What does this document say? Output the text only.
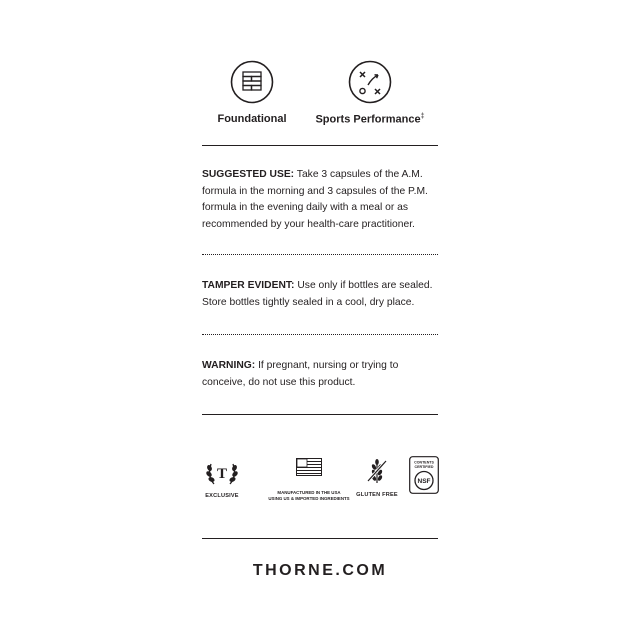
Foundational	Sports Performance‡

SUGGESTED USE: Take 3 capsules of the A.M. formula in the morning and 3 capsules of the P.M. formula in the evening daily with a meal or as recommended by your health-care practitioner.

TAMPER EVIDENT: Use only if bottles are sealed. Store bottles tightly sealed in a cool, dry place.

WARNING: If pregnant, nursing or trying to conceive, do not use this product.

T
EXCLUSIVE
MANUFACTURED IN THE USA
USING US & IMPORTED INGREDIENTS
GLUTEN FREE
CONTENTS
CERTIFIED
NSF
THORNE.COM
